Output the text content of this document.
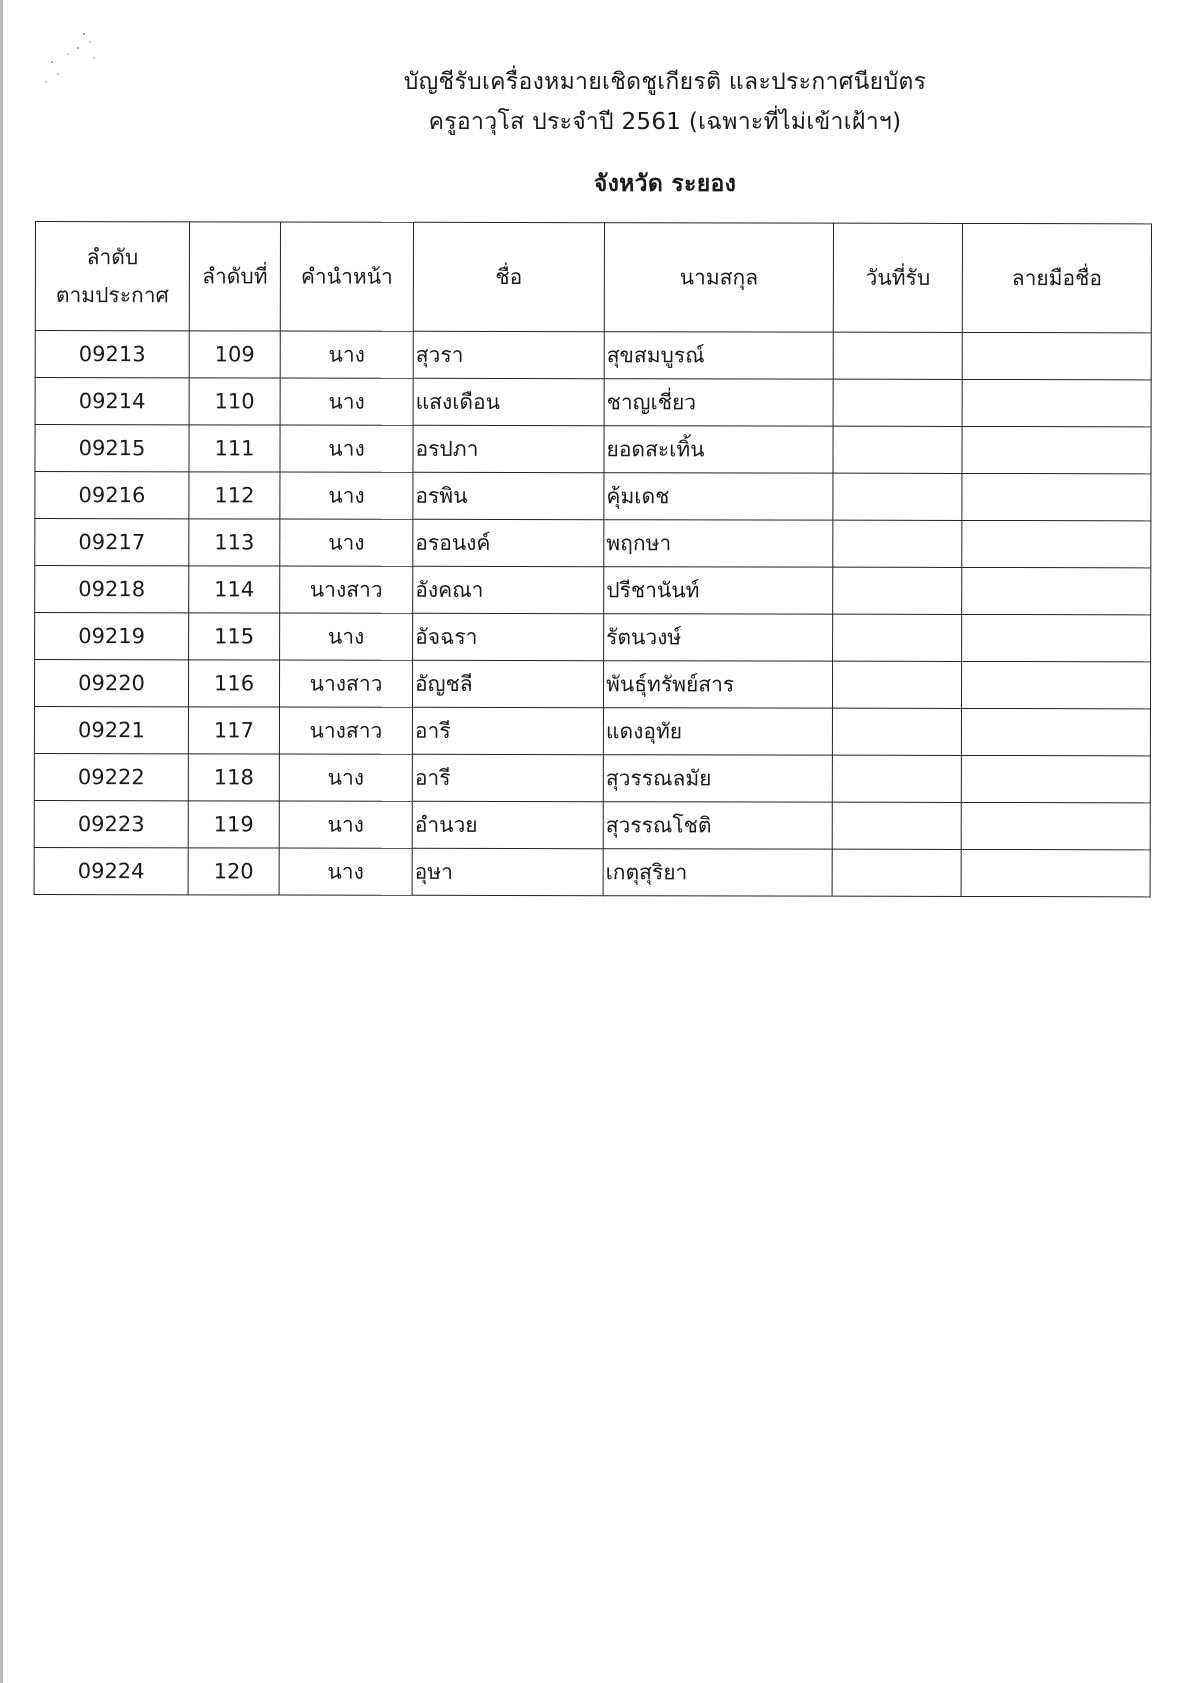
บัญชีรับเครื่องหมายเชิดชูเกียรติ และประกาศนียบัตร

ครูอาวุโส ประจำปี 2561 (เฉพาะที่ไม่เข้าเฝ้าฯ)

จังหวัด ระยอง

ลำดับ
ตามประกาศ	ลำดับที่	คำนำหน้า	ชื่อ	นามสกุล	วันที่รับ	ลายมือชื่อ
09213	109	นาง	สุวรา	สุขสมบูรณ์		
09214	110	นาง	แสงเดือน	ชาญเชี่ยว		
09215	111	นาง	อรปภา	ยอดสะเทิ้น		
09216	112	นาง	อรพิน	คุ้มเดช		
09217	113	นาง	อรอนงค์	พฤกษา		
09218	114	นางสาว	อังคณา	ปรีชานันท์		
09219	115	นาง	อัจฉรา	รัตนวงษ์		
09220	116	นางสาว	อัญชลี	พันธุ์ทรัพย์สาร		
09221	117	นางสาว	อารี	แดงอุทัย		
09222	118	นาง	อารี	สุวรรณลมัย		
09223	119	นาง	อำนวย	สุวรรณโชติ		
09224	120	นาง	อุษา	เกตุสุริยา		
